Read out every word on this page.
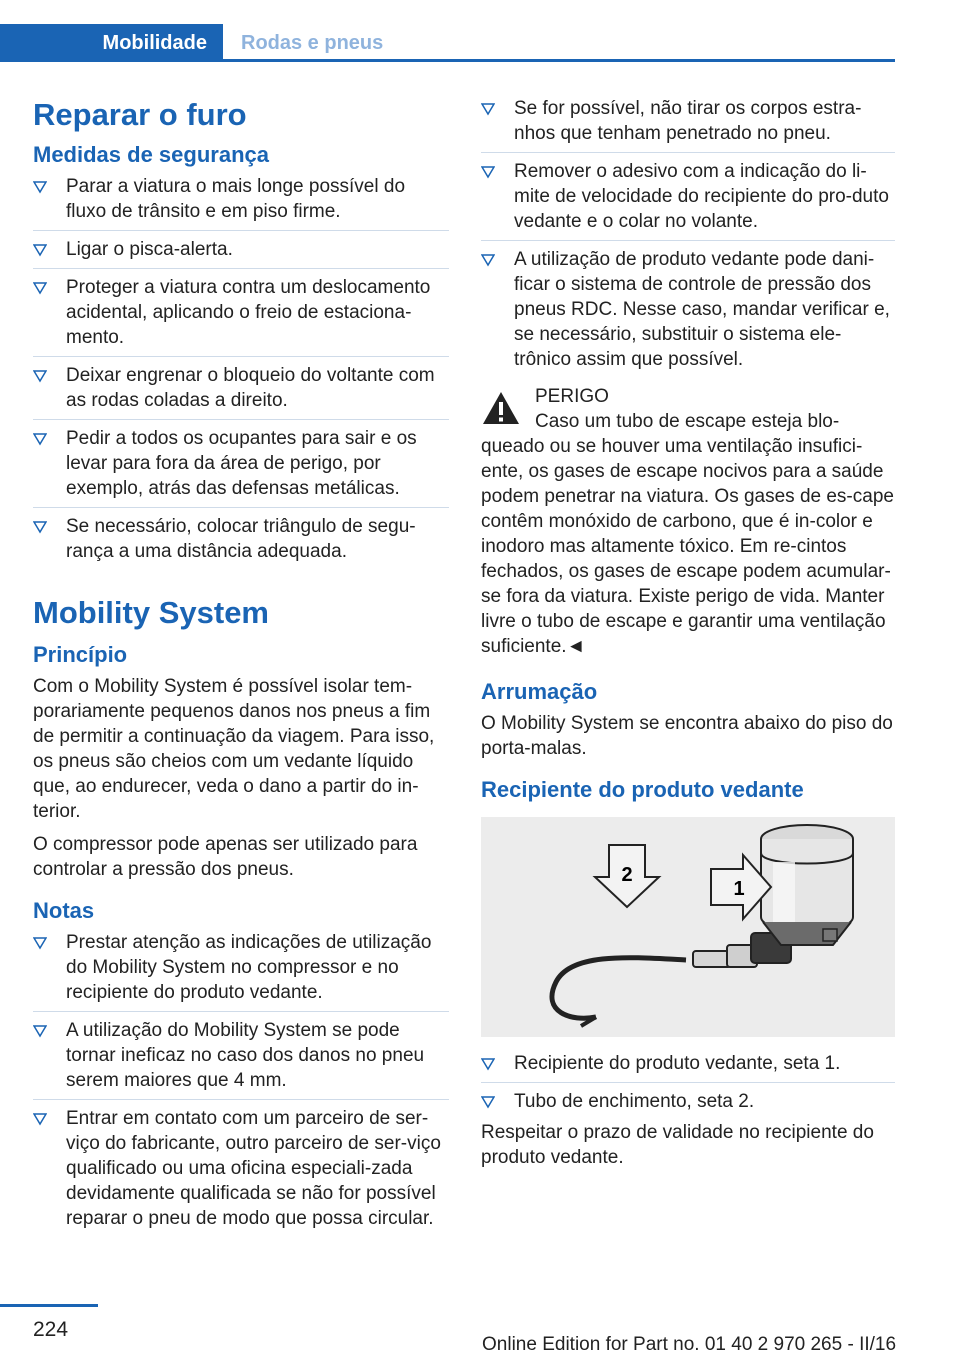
Mobilidade	Rodas e pneus
Reparar o furo
Medidas de segurança
Parar a viatura o mais longe possível do fluxo de trânsito e em piso firme.
Ligar o pisca-alerta.
Proteger a viatura contra um deslocamento acidental, aplicando o freio de estaciona-mento.
Deixar engrenar o bloqueio do voltante com as rodas coladas a direito.
Pedir a todos os ocupantes para sair e os levar para fora da área de perigo, por exemplo, atrás das defensas metálicas.
Se necessário, colocar triângulo de segu-rança a uma distância adequada.
Mobility System
Princípio

Com o Mobility System é possível isolar tem-porariamente pequenos danos nos pneus a fim de permitir a continuação da viagem. Para isso, os pneus são cheios com um vedante líquido que, ao endurecer, veda o dano a partir do in-terior.

O compressor pode apenas ser utilizado para controlar a pressão dos pneus.

Notas
Prestar atenção as indicações de utilização do Mobility System no compressor e no recipiente do produto vedante.
A utilização do Mobility System se pode tornar ineficaz no caso dos danos no pneu serem maiores que 4 mm.
Entrar em contato com um parceiro de ser-viço do fabricante, outro parceiro de ser-viço qualificado ou uma oficina especiali-zada devidamente qualificada se não for possível reparar o pneu de modo que possa circular.
Se for possível, não tirar os corpos estra-nhos que tenham penetrado no pneu.
Remover o adesivo com a indicação do li-mite de velocidade do recipiente do pro-duto vedante e o colar no volante.
A utilização de produto vedante pode dani-ficar o sistema de controle de pressão dos pneus RDC. Nesse caso, mandar verificar e, se necessário, substituir o sistema ele-trônico assim que possível.
PERIGO
Caso um tubo de escape esteja blo-
queado ou se houver uma ventilação insufici-ente, os gases de escape nocivos para a saúde podem penetrar na viatura. Os gases de es-cape contêm monóxido de carbono, que é in-color e inodoro mas altamente tóxico. Em re-cintos fechados, os gases de escape podem acumular-se fora da viatura. Existe perigo de vida. Manter livre o tubo de escape e garantir uma ventilação suficiente.◄
Arrumação

O Mobility System se encontra abaixo do piso do porta-malas.

Recipiente do produto vedante
2
1
Recipiente do produto vedante, seta 1.
Tubo de enchimento, seta 2.

Respeitar o prazo de validade no recipiente do produto vedante.

224
Online Edition for Part no. 01 40 2 970 265 - II/16
